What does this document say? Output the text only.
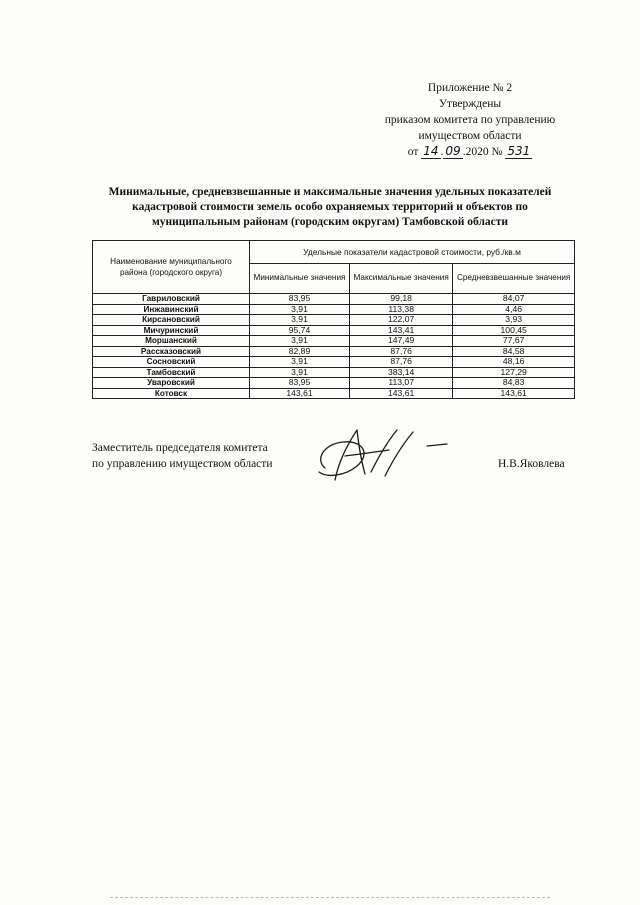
Приложение № 2
Утверждены
приказом комитета по управлению
имуществом области
от 14 . 09 .2020 № 531
Минимальные, средневзвешанные и максимальные значения удельных показателей кадастровой стоимости земель особо охраняемых территорий и объектов по муниципальным районам (городским округам) Тамбовской области
Наименование муниципального района (городского округа)	Удельные показатели кадастровой стоимости, руб./кв.м		
	Минимальные значения	Максимальные значения	Средневзвешанные значения
Гавриловский	83,95	99,18	84,07
Инжавинский	3,91	113,38	4,46
Кирсановский	3,91	122,07	3,93
Мичуринский	95,74	143,41	100,45
Моршанский	3,91	147,49	77,67
Рассказовский	82,89	87,76	84,58
Сосновский	3,91	87,76	48,16
Тамбовский	3,91	383,14	127,29
Уваровский	83,95	113,07	84,83
Котовск	143,61	143,61	143,61
Заместитель председателя комитета
по управлению имуществом области	Н.В.Яковлева
